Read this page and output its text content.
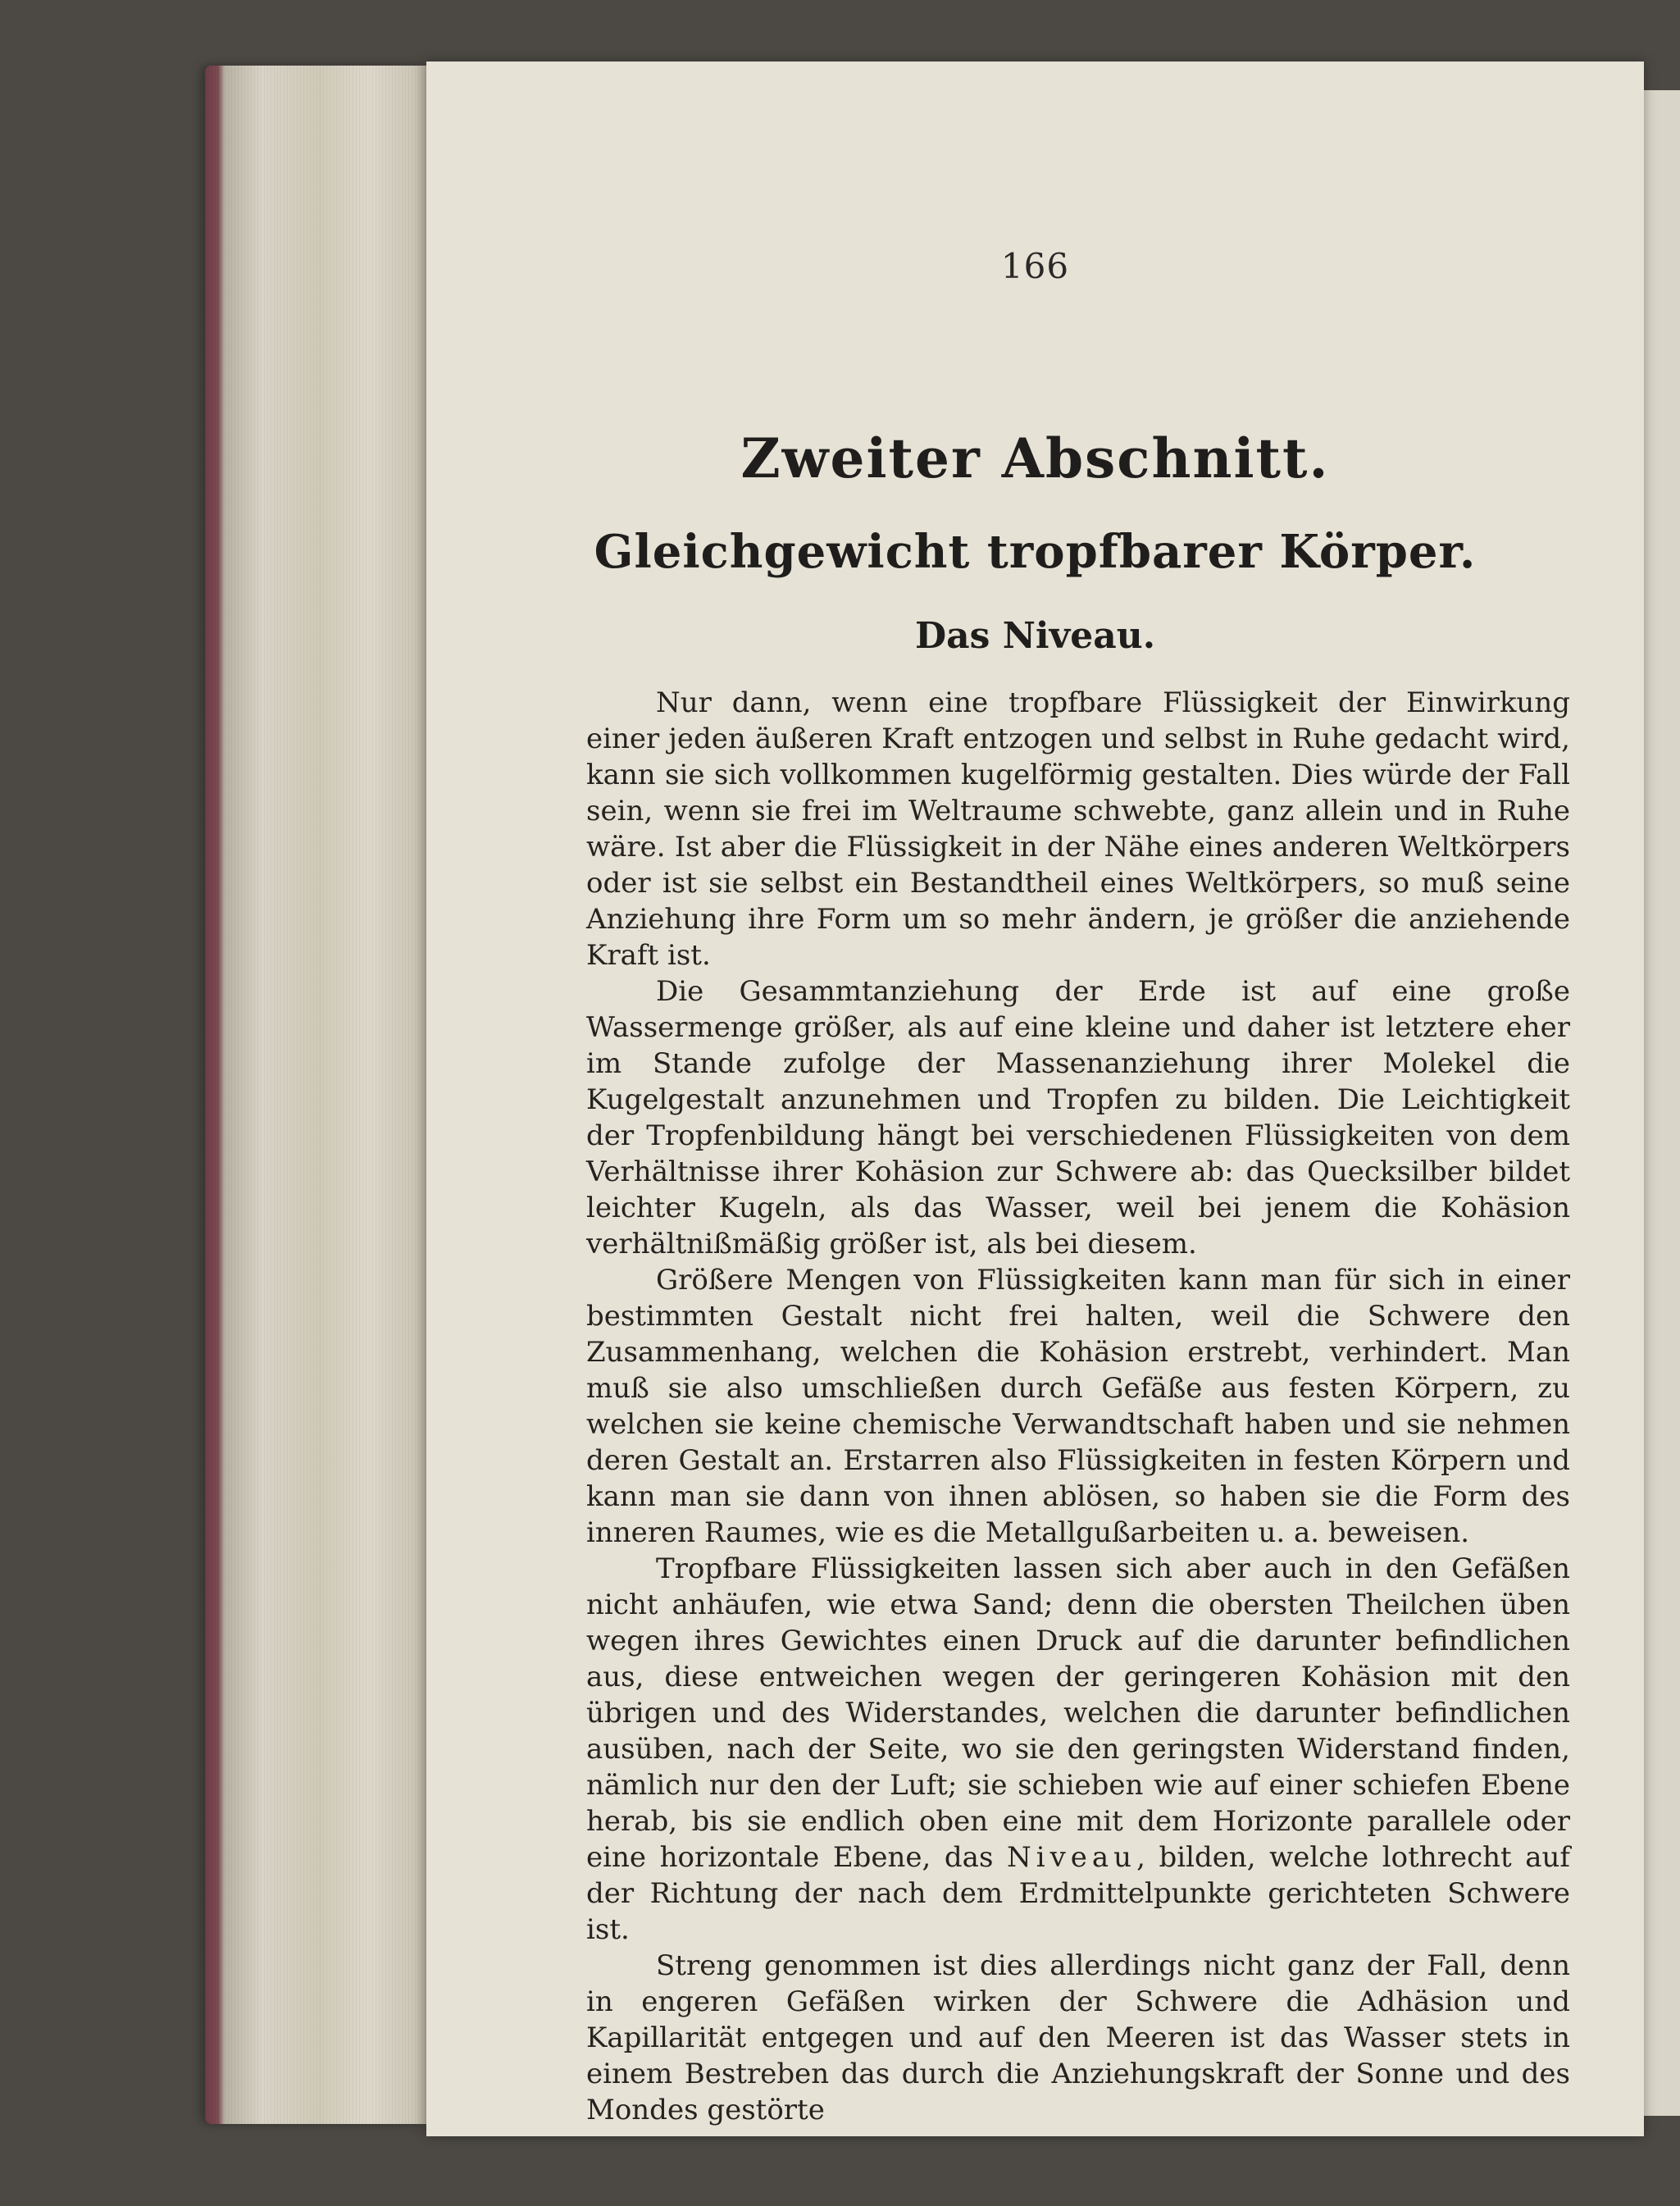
166
Zweiter Abschnitt.
Gleichgewicht tropfbarer Körper.
Das Niveau.

Nur dann, wenn eine tropfbare Flüssigkeit der Einwirkung einer jeden äußeren Kraft entzogen und selbst in Ruhe gedacht wird, kann sie sich vollkommen kugelförmig gestalten. Dies würde der Fall sein, wenn sie frei im Weltraume schwebte, ganz allein und in Ruhe wäre. Ist aber die Flüssigkeit in der Nähe eines anderen Weltkörpers oder ist sie selbst ein Bestandtheil eines Weltkörpers, so muß seine Anziehung ihre Form um so mehr ändern, je größer die anziehende Kraft ist.

Die Gesammtanziehung der Erde ist auf eine große Wassermenge größer, als auf eine kleine und daher ist letztere eher im Stande zufolge der Massenanziehung ihrer Molekel die Kugelgestalt anzunehmen und Tropfen zu bilden. Die Leichtigkeit der Tropfenbildung hängt bei verschiedenen Flüssigkeiten von dem Verhältnisse ihrer Kohäsion zur Schwere ab: das Quecksilber bildet leichter Kugeln, als das Wasser, weil bei jenem die Kohäsion verhältnißmäßig größer ist, als bei diesem.

Größere Mengen von Flüssigkeiten kann man für sich in einer bestimmten Gestalt nicht frei halten, weil die Schwere den Zusammenhang, welchen die Kohäsion erstrebt, verhindert. Man muß sie also umschließen durch Gefäße aus festen Körpern, zu welchen sie keine chemische Verwandtschaft haben und sie nehmen deren Gestalt an. Erstarren also Flüssigkeiten in festen Körpern und kann man sie dann von ihnen ablösen, so haben sie die Form des inneren Raumes, wie es die Metallgußarbeiten u. a. beweisen.

Tropfbare Flüssigkeiten lassen sich aber auch in den Gefäßen nicht anhäufen, wie etwa Sand; denn die obersten Theilchen üben wegen ihres Gewichtes einen Druck auf die darunter befindlichen aus, diese entweichen wegen der geringeren Kohäsion mit den übrigen und des Widerstandes, welchen die darunter befindlichen ausüben, nach der Seite, wo sie den geringsten Widerstand finden, nämlich nur den der Luft; sie schieben wie auf einer schiefen Ebene herab, bis sie endlich oben eine mit dem Horizonte parallele oder eine horizontale Ebene, das Niveau, bilden, welche lothrecht auf der Richtung der nach dem Erdmittelpunkte gerichteten Schwere ist.

Streng genommen ist dies allerdings nicht ganz der Fall, denn in engeren Gefäßen wirken der Schwere die Adhäsion und Kapillarität entgegen und auf den Meeren ist das Wasser stets in einem Bestreben das durch die Anziehungskraft der Sonne und des Mondes gestörte
